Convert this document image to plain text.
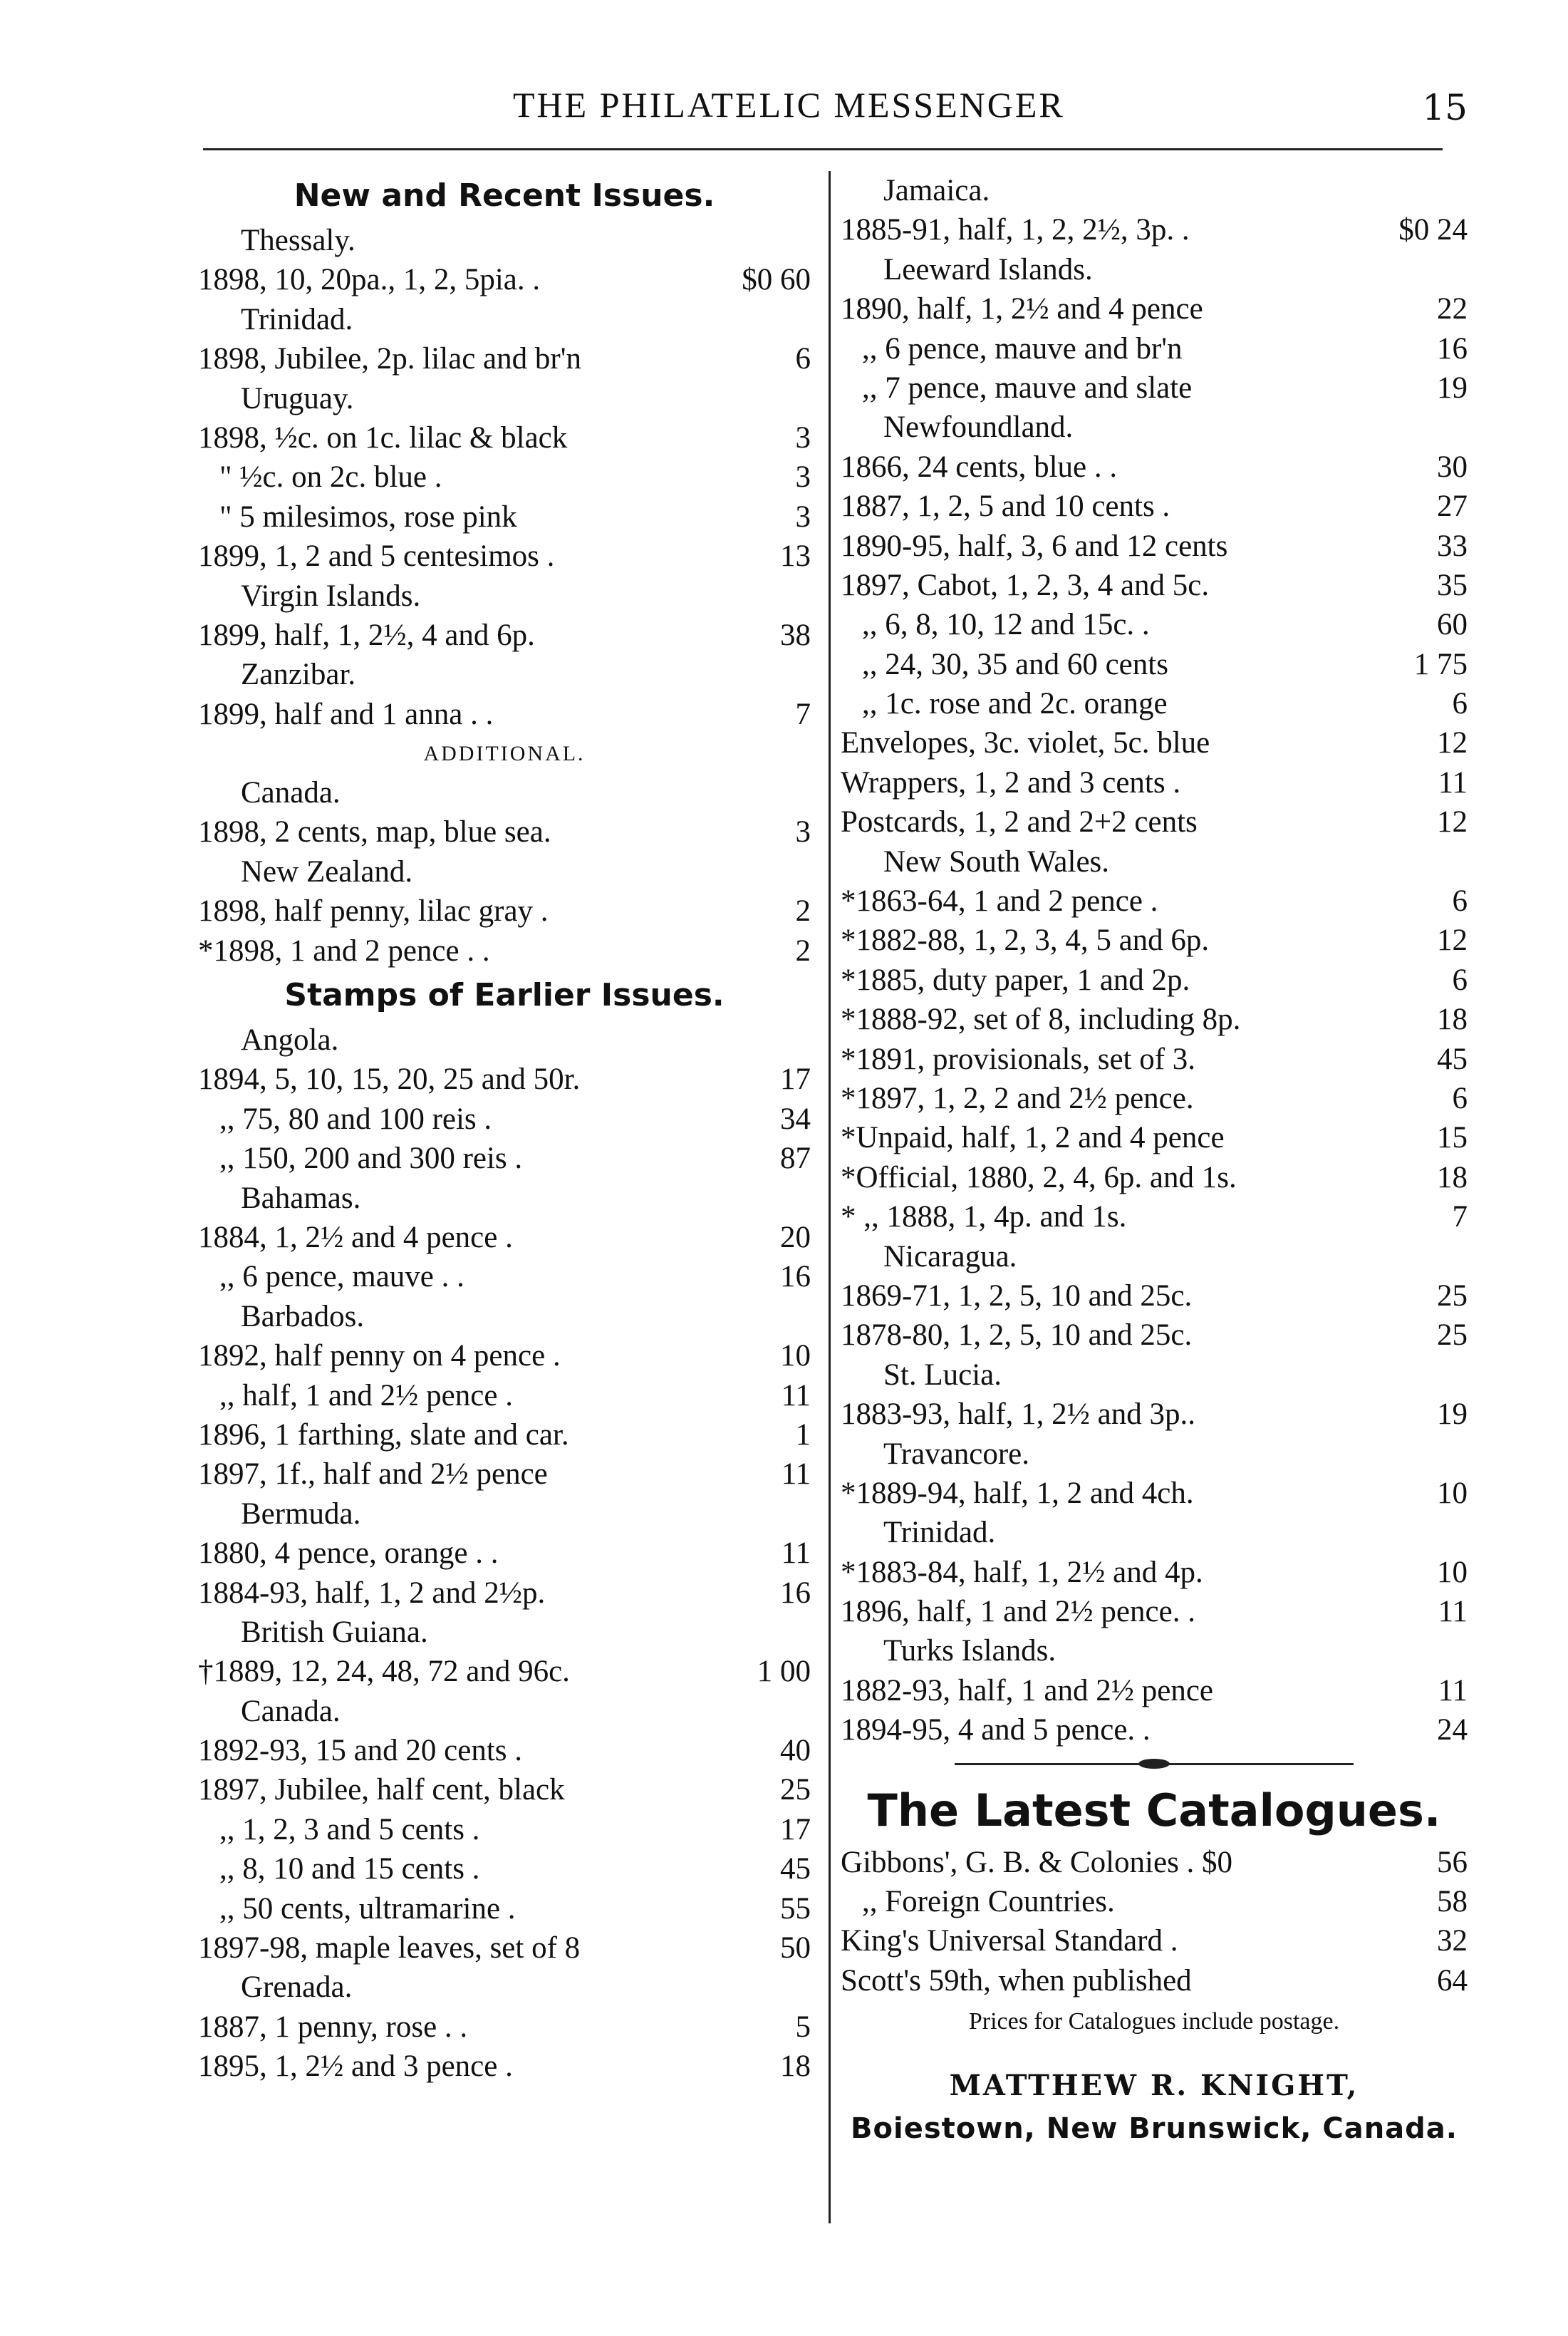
THE PHILATELIC MESSENGER	15
New and Recent Issues.
Thessaly.
1898, 10, 20pa., 1, 2, 5pia. .	$0 60
Trinidad.
1898, Jubilee, 2p. lilac and br'n	6
Uruguay.
1898, ½c. on 1c. lilac & black	3
" ½c. on 2c. blue .	3
" 5 milesimos, rose pink	3
1899, 1, 2 and 5 centesimos .	13
Virgin Islands.
1899, half, 1, 2½, 4 and 6p.	38
Zanzibar.
1899, half and 1 anna . .	7
ADDITIONAL.
Canada.
1898, 2 cents, map, blue sea.	3
New Zealand.
1898, half penny, lilac gray .	2
*1898, 1 and 2 pence . .	2
Stamps of Earlier Issues.
Angola.
1894, 5, 10, 15, 20, 25 and 50r.	17
,, 75, 80 and 100 reis .	34
,, 150, 200 and 300 reis .	87
Bahamas.
1884, 1, 2½ and 4 pence .	20
,, 6 pence, mauve . .	16
Barbados.
1892, half penny on 4 pence .	10
,, half, 1 and 2½ pence .	11
1896, 1 farthing, slate and car.	1
1897, 1f., half and 2½ pence	11
Bermuda.
1880, 4 pence, orange . .	11
1884-93, half, 1, 2 and 2½p.	16
British Guiana.
†1889, 12, 24, 48, 72 and 96c.	1 00
Canada.
1892-93, 15 and 20 cents .	40
1897, Jubilee, half cent, black	25
,, 1, 2, 3 and 5 cents .	17
,, 8, 10 and 15 cents .	45
,, 50 cents, ultramarine .	55
1897-98, maple leaves, set of 8	50
Grenada.
1887, 1 penny, rose . .	5
1895, 1, 2½ and 3 pence .	18
Jamaica.
1885-91, half, 1, 2, 2½, 3p. .	$0 24
Leeward Islands.
1890, half, 1, 2½ and 4 pence	22
,, 6 pence, mauve and br'n	16
,, 7 pence, mauve and slate	19
Newfoundland.
1866, 24 cents, blue . .	30
1887, 1, 2, 5 and 10 cents .	27
1890-95, half, 3, 6 and 12 cents	33
1897, Cabot, 1, 2, 3, 4 and 5c.	35
,, 6, 8, 10, 12 and 15c. .	60
,, 24, 30, 35 and 60 cents	1 75
,, 1c. rose and 2c. orange	6
Envelopes, 3c. violet, 5c. blue	12
Wrappers, 1, 2 and 3 cents .	11
Postcards, 1, 2 and 2+2 cents	12
New South Wales.
*1863-64, 1 and 2 pence .	6
*1882-88, 1, 2, 3, 4, 5 and 6p.	12
*1885, duty paper, 1 and 2p.	6
*1888-92, set of 8, including 8p.	18
*1891, provisionals, set of 3.	45
*1897, 1, 2, 2 and 2½ pence.	6
*Unpaid, half, 1, 2 and 4 pence	15
*Official, 1880, 2, 4, 6p. and 1s.	18
* ,, 1888, 1, 4p. and 1s.	7
Nicaragua.
1869-71, 1, 2, 5, 10 and 25c.	25
1878-80, 1, 2, 5, 10 and 25c.	25
St. Lucia.
1883-93, half, 1, 2½ and 3p..	19
Travancore.
*1889-94, half, 1, 2 and 4ch.	10
Trinidad.
*1883-84, half, 1, 2½ and 4p.	10
1896, half, 1 and 2½ pence. .	11
Turks Islands.
1882-93, half, 1 and 2½ pence	11
1894-95, 4 and 5 pence. .	24
The Latest Catalogues.
Gibbons', G. B. & Colonies . $0	56
,, Foreign Countries.	58
King's Universal Standard .	32
Scott's 59th, when published	64
Prices for Catalogues include postage.
MATTHEW R. KNIGHT,
Boiestown, New Brunswick, Canada.
